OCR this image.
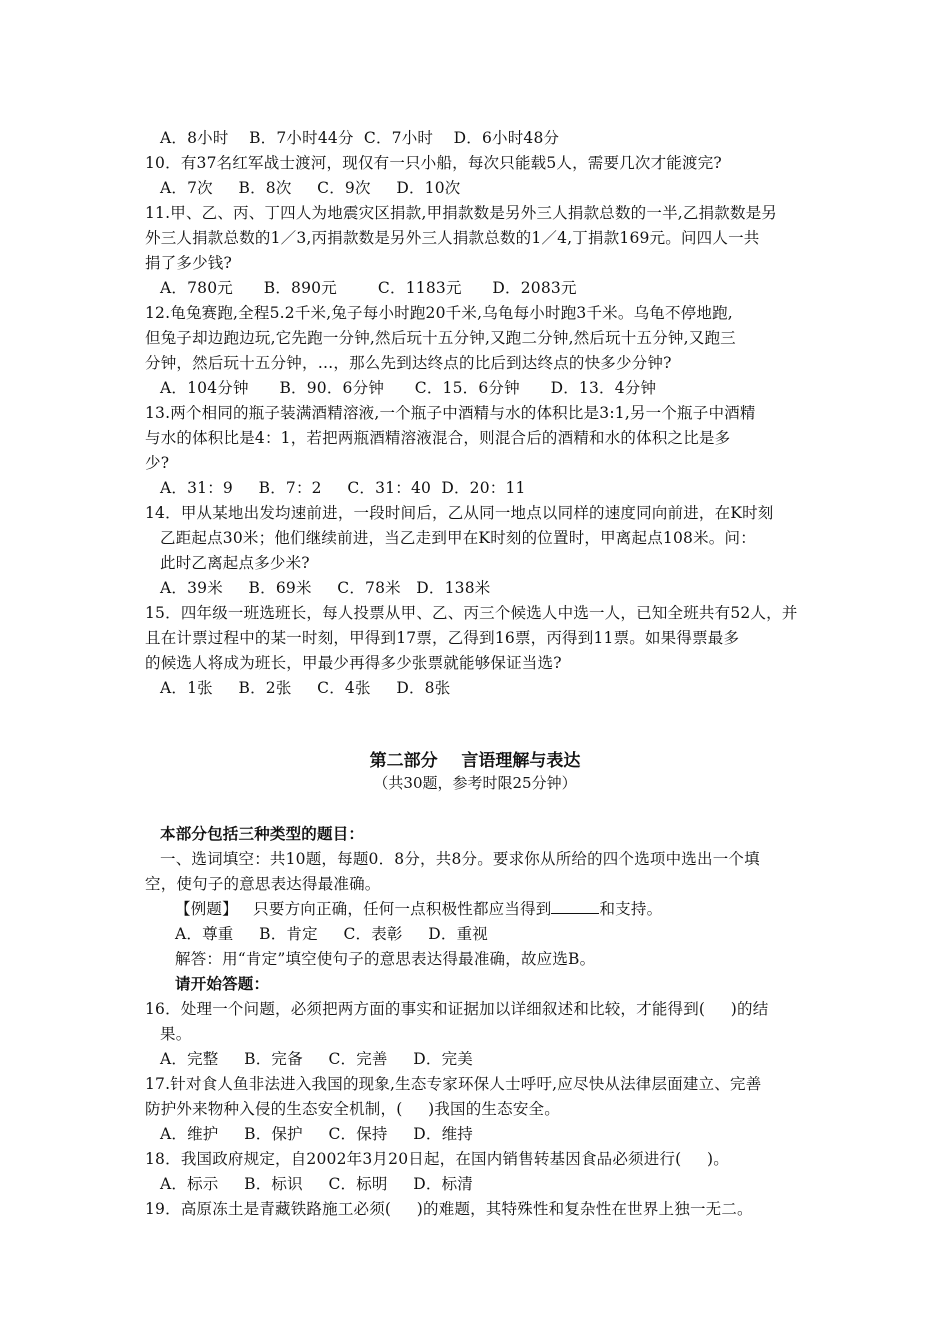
A．8小时    B．7小时44分  C．7小时    D．6小时48分
10．有37名红军战士渡河，现仅有一只小船，每次只能载5人，需要几次才能渡完?
A．7次     B．8次     C．9次     D．10次
11.甲、乙、丙、丁四人为地震灾区捐款,甲捐款数是另外三人捐款总数的一半,乙捐款数是另
外三人捐款总数的1／3,丙捐款数是另外三人捐款总数的1／4,丁捐款169元。问四人一共
捐了多少钱?
A．780元      B．890元        C．1183元      D．2083元
12.龟兔赛跑,全程5.2千米,兔子每小时跑20千米,乌龟每小时跑3千米。乌龟不停地跑,
但兔子却边跑边玩,它先跑一分钟,然后玩十五分钟,又跑二分钟,然后玩十五分钟,又跑三
分钟，然后玩十五分钟，…，那么先到达终点的比后到达终点的快多少分钟?
A．104分钟      B．90．6分钟      C．15．6分钟      D．13．4分钟
13.两个相同的瓶子装满酒精溶液,一个瓶子中酒精与水的体积比是3:1,另一个瓶子中酒精
与水的体积比是4：1，若把两瓶酒精溶液混合，则混合后的酒精和水的体积之比是多
少?
A．31：9     B．7：2     C．31：40  D．20：11
14．甲从某地出发均速前进，一段时间后，乙从同一地点以同样的速度同向前进，在K时刻
乙距起点30米；他们继续前进，当乙走到甲在K时刻的位置时，甲离起点108米。问：
此时乙离起点多少米?
A．39米     B．69米     C．78米   D．138米
15．四年级一班选班长，每人投票从甲、乙、丙三个候选人中选一人，已知全班共有52人，并
且在计票过程中的某一时刻，甲得到17票，乙得到16票，丙得到11票。如果得票最多
的候选人将成为班长，甲最少再得多少张票就能够保证当选?
A．1张     B．2张     C．4张     D．8张
第二部分    言语理解与表达
（共30题，参考时限25分钟）
本部分包括三种类型的题目：
一、选词填空：共10题，每题0．8分，共8分。要求你从所给的四个选项中选出一个填
空，使句子的意思表达得最准确。
【例题】   只要方向正确，任何一点积极性都应当得到	和支持。
A．尊重     B．肯定     C．表彰     D．重视
解答：用“肯定”填空使句子的意思表达得最准确，故应选B。
请开始答题：
16．处理一个问题，必须把两方面的事实和证据加以详细叙述和比较，才能得到(     )的结
果。
A．完整     B．完备     C．完善     D．完美
17.针对食人鱼非法进入我国的现象,生态专家环保人士呼吁,应尽快从法律层面建立、完善
防护外来物种入侵的生态安全机制，(     )我国的生态安全。
A．维护     B．保护     C．保持     D．维持
18．我国政府规定，自2002年3月20日起，在国内销售转基因食品必须进行(     )。
A．标示     B．标识     C．标明     D．标清
19．高原冻土是青藏铁路施工必须(     )的难题，其特殊性和复杂性在世界上独一无二。
